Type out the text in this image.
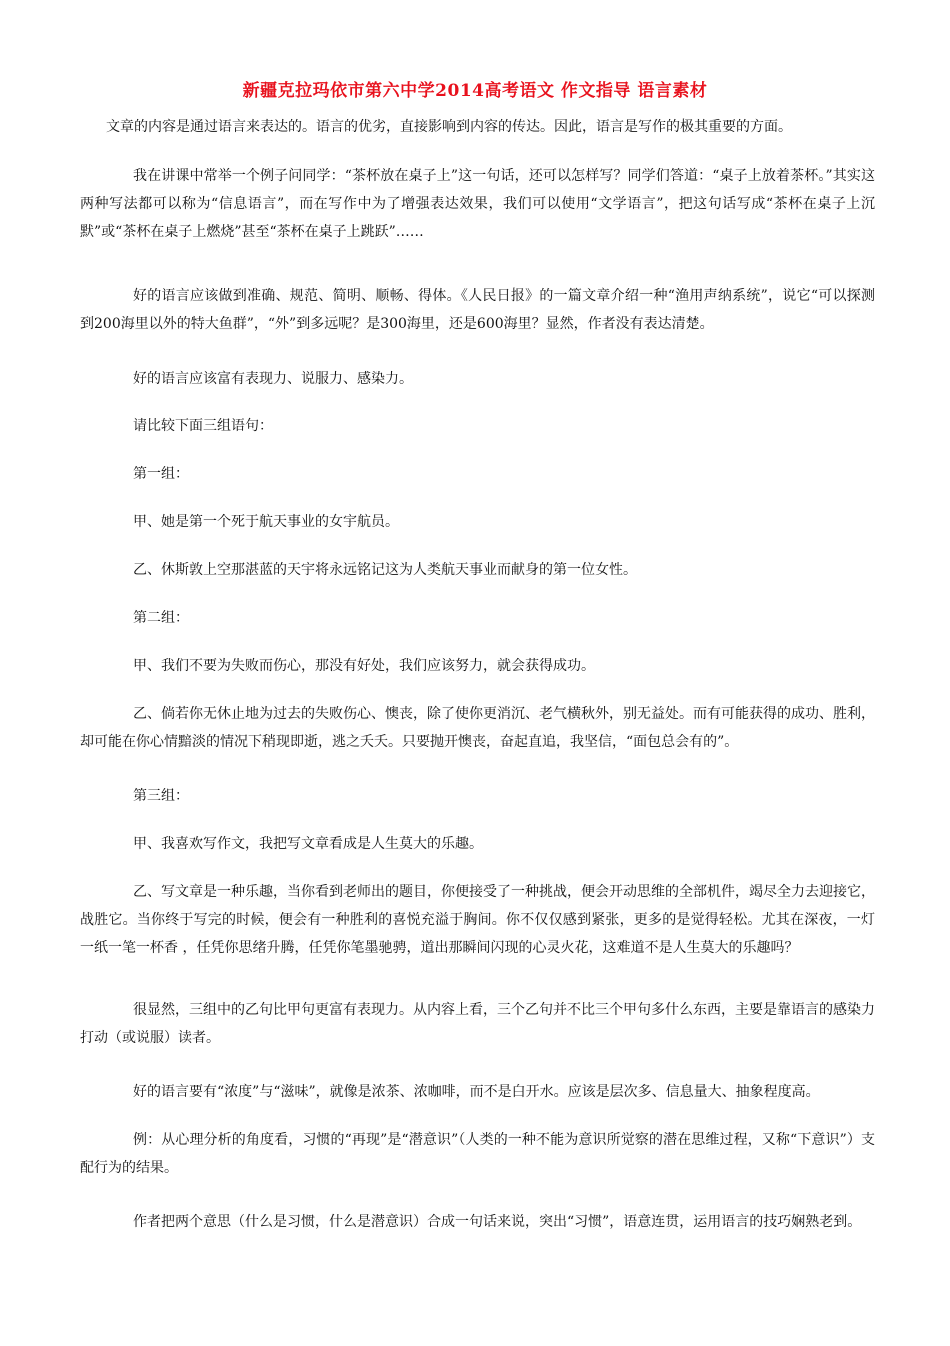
新疆克拉玛依市第六中学2014高考语文 作文指导 语言素材

文章的内容是通过语言来表达的。语言的优劣，直接影响到内容的传达。因此，语言是写作的极其重要的方面。

我在讲课中常举一个例子问同学：“茶杯放在桌子上”这一句话，还可以怎样写？同学们答道：“桌子上放着茶杯。”其实这两种写法都可以称为“信息语言”，而在写作中为了增强表达效果，我们可以使用“文学语言”，把这句话写成“茶杯在桌子上沉默”或“茶杯在桌子上燃烧”甚至“茶杯在桌子上跳跃”……

好的语言应该做到准确、规范、简明、顺畅、得体。《人民日报》的一篇文章介绍一种“渔用声纳系统”，说它“可以探测到200海里以外的特大鱼群”，“外”到多远呢？是300海里，还是600海里？显然，作者没有表达清楚。

好的语言应该富有表现力、说服力、感染力。

请比较下面三组语句：

第一组：

甲、她是第一个死于航天事业的女宇航员。

乙、休斯敦上空那湛蓝的天宇将永远铭记这为人类航天事业而献身的第一位女性。

第二组：

甲、我们不要为失败而伤心，那没有好处，我们应该努力，就会获得成功。

乙、倘若你无休止地为过去的失败伤心、懊丧，除了使你更消沉、老气横秋外，别无益处。而有可能获得的成功、胜利，却可能在你心情黯淡的情况下稍现即逝，逃之夭夭。只要抛开懊丧，奋起直追，我坚信，“面包总会有的”。

第三组：

甲、我喜欢写作文，我把写文章看成是人生莫大的乐趣。

乙、写文章是一种乐趣，当你看到老师出的题目，你便接受了一种挑战，便会开动思维的全部机件，竭尽全力去迎接它，战胜它。当你终于写完的时候，便会有一种胜利的喜悦充溢于胸间。你不仅仅感到紧张，更多的是觉得轻松。尤其在深夜，一灯一纸一笔一杯香 ，任凭你思绪升腾，任凭你笔墨驰骋，道出那瞬间闪现的心灵火花，这难道不是人生莫大的乐趣吗？

很显然，三组中的乙句比甲句更富有表现力。从内容上看，三个乙句并不比三个甲句多什么东西，主要是靠语言的感染力打动（或说服）读者。

好的语言要有“浓度”与“滋味”，就像是浓茶、浓咖啡，而不是白开水。应该是层次多、信息量大、抽象程度高。

例：从心理分析的角度看，习惯的“再现”是“潜意识”（人类的一种不能为意识所觉察的潜在思维过程，又称“下意识”）支配行为的结果。

作者把两个意思（什么是习惯，什么是潜意识）合成一句话来说，突出“习惯”，语意连贯，运用语言的技巧娴熟老到。
